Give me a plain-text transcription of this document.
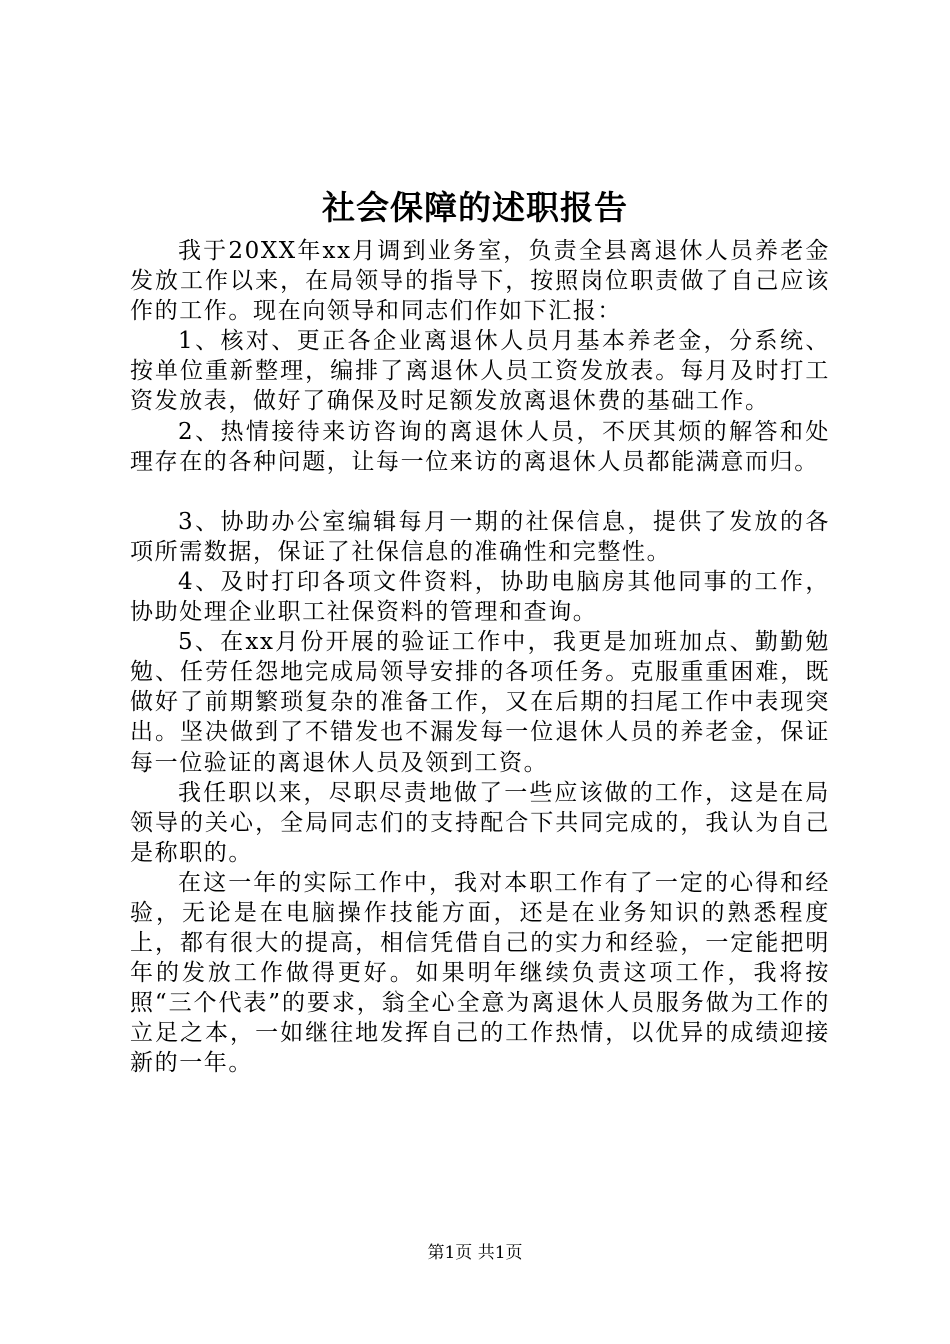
社会保障的述职报告

我于20XX年xx月调到业务室，负责全县离退休人员养老金发放工作以来，在局领导的指导下，按照岗位职责做了自己应该作的工作。现在向领导和同志们作如下汇报：

1、核对、更正各企业离退休人员月基本养老金，分系统、按单位重新整理，编排了离退休人员工资发放表。每月及时打工资发放表，做好了确保及时足额发放离退休费的基础工作。

2、热情接待来访咨询的离退休人员，不厌其烦的解答和处理存在的各种问题，让每一位来访的离退休人员都能满意而归。

3、协助办公室编辑每月一期的社保信息，提供了发放的各项所需数据，保证了社保信息的准确性和完整性。

4、及时打印各项文件资料，协助电脑房其他同事的工作，协助处理企业职工社保资料的管理和查询。

5、在xx月份开展的验证工作中，我更是加班加点、勤勤勉勉、任劳任怨地完成局领导安排的各项任务。克服重重困难，既做好了前期繁琐复杂的准备工作，又在后期的扫尾工作中表现突出。坚决做到了不错发也不漏发每一位退休人员的养老金，保证每一位验证的离退休人员及领到工资。

我任职以来，尽职尽责地做了一些应该做的工作，这是在局领导的关心，全局同志们的支持配合下共同完成的，我认为自己是称职的。

在这一年的实际工作中，我对本职工作有了一定的心得和经验，无论是在电脑操作技能方面，还是在业务知识的熟悉程度上，都有很大的提高，相信凭借自己的实力和经验，一定能把明年的发放工作做得更好。如果明年继续负责这项工作，我将按照“三个代表”的要求，翁全心全意为离退休人员服务做为工作的立足之本，一如继往地发挥自己的工作热情，以优异的成绩迎接新的一年。

第1页 共1页
